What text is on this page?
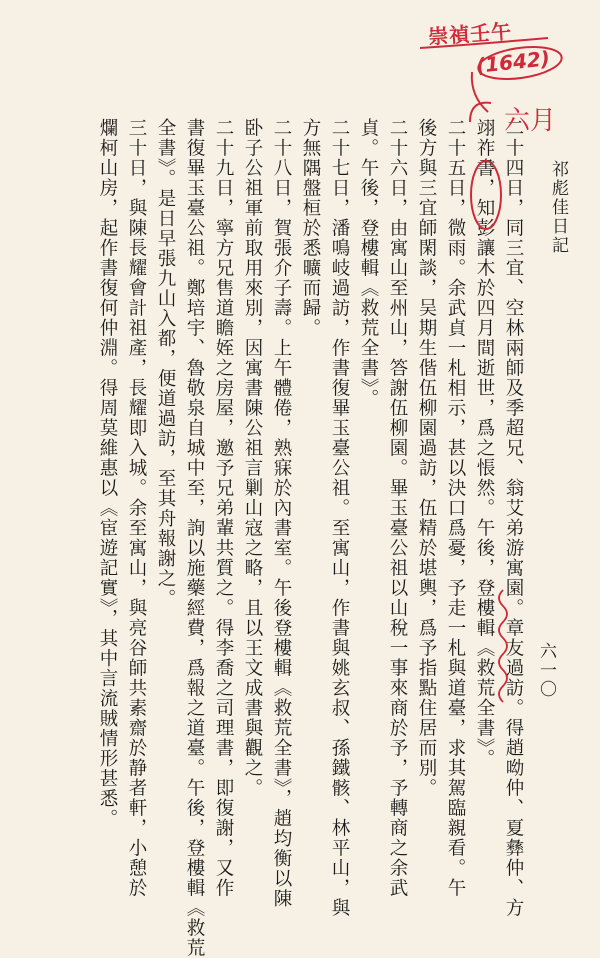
祁彪佳日記
二十四日，同三宜、空林兩師及季超兄、翁艾弟游寓園。章友過訪。得趙呦仲、夏彝仲、方
翊祚書，知彭讓木於四月間逝世，爲之悵然。午後，登樓輯《救荒全書》。
二十五日，微雨。余武貞一札相示，甚以決口爲憂，予走一札與道臺，求其駕臨親看。午
後方與三宜師閑談，吴期生偕伍柳園過訪，伍精於堪輿，爲予指點住居而別。
二十六日，由寓山至州山，答謝伍柳園。畢玉臺公祖以山稅一事來商於予，予轉商之余武
貞。午後，登樓輯《救荒全書》。
二十七日，潘鳴岐過訪，作書復畢玉臺公祖。至寓山，作書與姚玄叔、孫鐵骸、林平山，與
方無隅盤桓於悉曠而歸。
二十八日，賀張介子壽。上午體倦，熟寐於內書室。午後登樓輯《救荒全書》，趙均衡以陳
卧子公祖軍前取用來別，因寓書陳公祖言剿山寇之略，且以王文成書與觀之。
二十九日，寧方兄售道瞻姪之房屋，邀予兄弟輩共質之。得李喬之司理書，即復謝，又作
書復畢玉臺公祖。鄭培宇、魯敬泉自城中至，詢以施藥經費，爲報之道臺。午後，登樓輯《救荒
全書》。是日早張九山入都，便道過訪，至其舟報謝之。
三十日，與陳長耀會計祖產，長耀即入城。余至寓山，與亮谷師共素齋於静者軒，小憩於
爛柯山房，起作書復何仲淵。得周莫維惠以《宦遊記實》，其中言流賊情形甚悉。	六一〇
崇禎壬午
(1642)
六月
